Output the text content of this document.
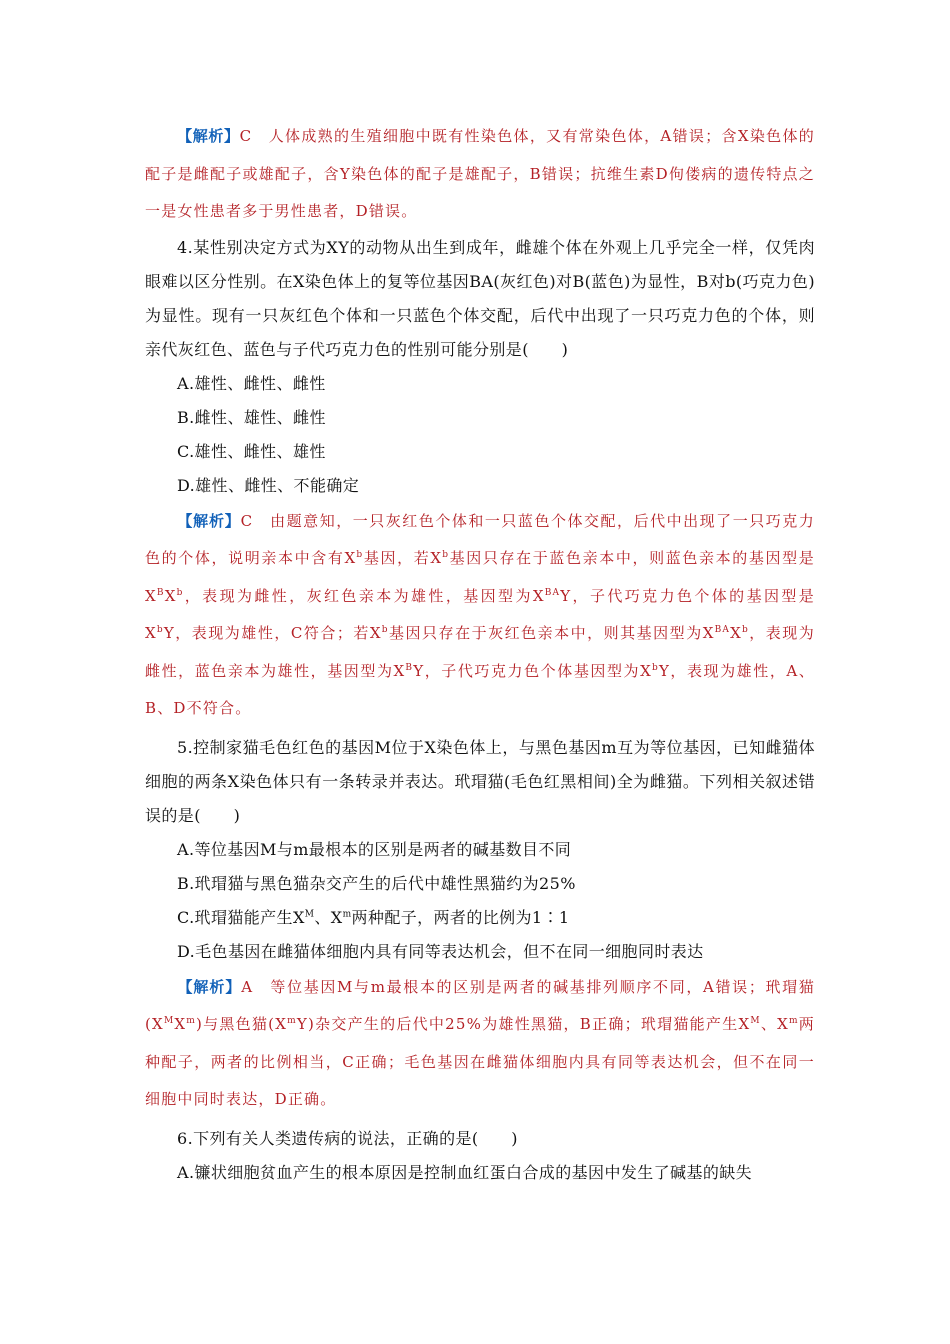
【解析】C　人体成熟的生殖细胞中既有性染色体，又有常染色体，A错误；含X染色体的配子是雌配子或雄配子，含Y染色体的配子是雄配子，B错误；抗维生素D佝偻病的遗传特点之一是女性患者多于男性患者，D错误。

4.某性别决定方式为XY的动物从出生到成年，雌雄个体在外观上几乎完全一样，仅凭肉眼难以区分性别。在X染色体上的复等位基因BA(灰红色)对B(蓝色)为显性，B对b(巧克力色)为显性。现有一只灰红色个体和一只蓝色个体交配，后代中出现了一只巧克力色的个体，则亲代灰红色、蓝色与子代巧克力色的性别可能分别是(　　)

A.雄性、雌性、雌性

B.雌性、雄性、雌性

C.雄性、雌性、雄性

D.雄性、雌性、不能确定

【解析】C　由题意知，一只灰红色个体和一只蓝色个体交配，后代中出现了一只巧克力色的个体，说明亲本中含有$X^b$基因，若$X^b$基因只存在于蓝色亲本中，则蓝色亲本的基因型是$X^BX^b$，表现为雌性，灰红色亲本为雄性，基因型为$X^{BA}Y$，子代巧克力色个体的基因型是$X^bY$，表现为雄性，C符合；若$X^b$基因只存在于灰红色亲本中，则其基因型为$X^{BA}X^b$，表现为雌性，蓝色亲本为雄性，基因型为$X^BY$，子代巧克力色个体基因型为$X^bY$，表现为雄性，A、B、D不符合。

5.控制家猫毛色红色的基因M位于X染色体上，与黑色基因m互为等位基因，已知雌猫体细胞的两条X染色体只有一条转录并表达。玳瑁猫(毛色红黑相间)全为雌猫。下列相关叙述错误的是(　　)

A.等位基因M与m最根本的区别是两者的碱基数目不同

B.玳瑁猫与黑色猫杂交产生的后代中雄性黑猫约为25%

C.玳瑁猫能产生$X^M$、$X^m$两种配子，两者的比例为1∶1

D.毛色基因在雌猫体细胞内具有同等表达机会，但不在同一细胞同时表达

【解析】A　等位基因M与m最根本的区别是两者的碱基排列顺序不同，A错误；玳瑁猫$(X^MX^m)$与黑色猫$(X^mY)$杂交产生的后代中25%为雄性黑猫，B正确；玳瑁猫能产生$X^M$、$X^m$两种配子，两者的比例相当，C正确；毛色基因在雌猫体细胞内具有同等表达机会，但不在同一细胞中同时表达，D正确。

6.下列有关人类遗传病的说法，正确的是(　　)

A.镰状细胞贫血产生的根本原因是控制血红蛋白合成的基因中发生了碱基的缺失
